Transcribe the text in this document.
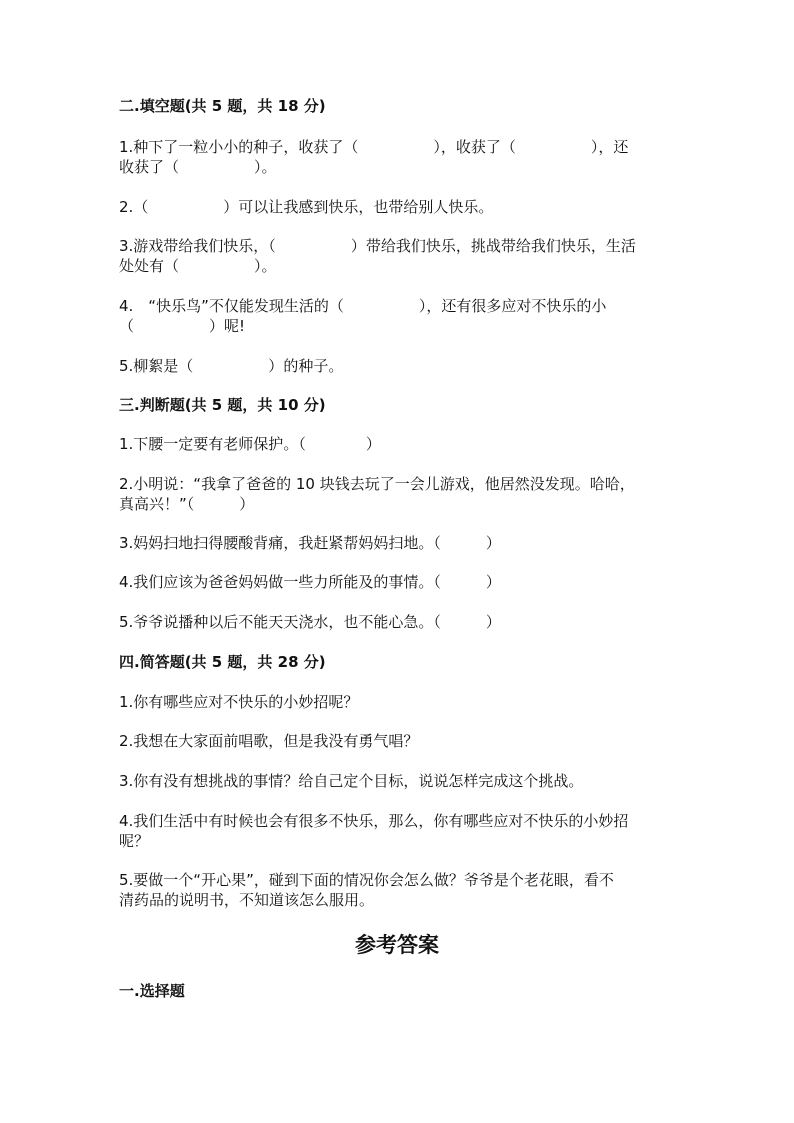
二.填空题(共 5 题，共 18 分)
1.种下了一粒小小的种子，收获了（　　　　　），收获了（　　　　　），还
收获了（　　　　　）。
2.（　　　　　）可以让我感到快乐，也带给别人快乐。
3.游戏带给我们快乐，（　　　　　）带给我们快乐，挑战带给我们快乐，生活
处处有（　　　　　）。
4.　“快乐鸟”不仅能发现生活的（　　　　　），还有很多应对不快乐的小
（　　　　　）呢!
5.柳絮是（　　　　　）的种子。
三.判断题(共 5 题，共 10 分)
1.下腰一定要有老师保护。（　　　　）
2.小明说：“我拿了爸爸的 10 块钱去玩了一会儿游戏，他居然没发现。哈哈，
真高兴！”（　　　）
3.妈妈扫地扫得腰酸背痛，我赶紧帮妈妈扫地。（　　　）
4.我们应该为爸爸妈妈做一些力所能及的事情。（　　　）
5.爷爷说播种以后不能天天浇水，也不能心急。（　　　）
四.简答题(共 5 题，共 28 分)
1.你有哪些应对不快乐的小妙招呢？
2.我想在大家面前唱歌，但是我没有勇气唱？
3.你有没有想挑战的事情？给自己定个目标，说说怎样完成这个挑战。
4.我们生活中有时候也会有很多不快乐，那么，你有哪些应对不快乐的小妙招
呢？
5.要做一个“开心果”，碰到下面的情况你会怎么做？爷爷是个老花眼，看不
清药品的说明书，不知道该怎么服用。
参考答案
一.选择题
